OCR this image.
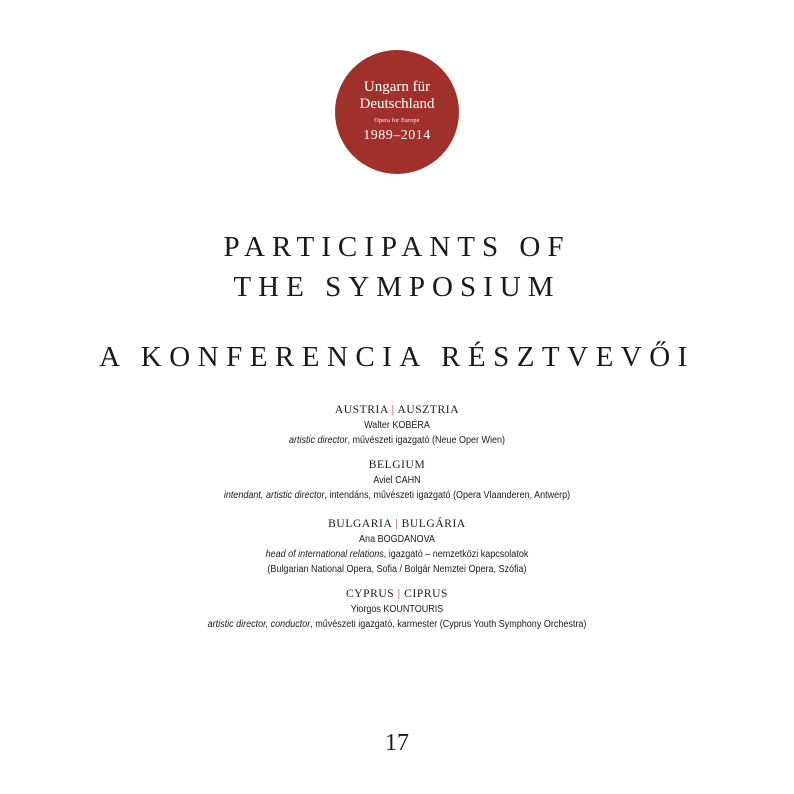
Ungarn für
Deutschland
Opera for Europe
1989–2014
PARTICIPANTS OF
THE SYMPOSIUM
A KONFERENCIA RÉSZTVEVŐI
AUSTRIA | AUSZTRIA
Walter KOBÉRA
artistic director, művészeti igazgató (Neue Oper Wien)
BELGIUM
Aviel CAHN
intendant, artistic director, intendáns, művészeti igazgató (Opera Vlaanderen, Antwerp)
BULGARIA | BULGÁRIA
Ana BOGDANOVA
head of international relations, igazgató – nemzetközi kapcsolatok
(Bulgarian National Opera, Sofia / Bolgár Nemztei Opera, Szófia)
CYPRUS | CIPRUS
Yiorgos KOUNTOURIS
artistic director, conductor, művészeti igazgató, karmester (Cyprus Youth Symphony Orchestra)
17
